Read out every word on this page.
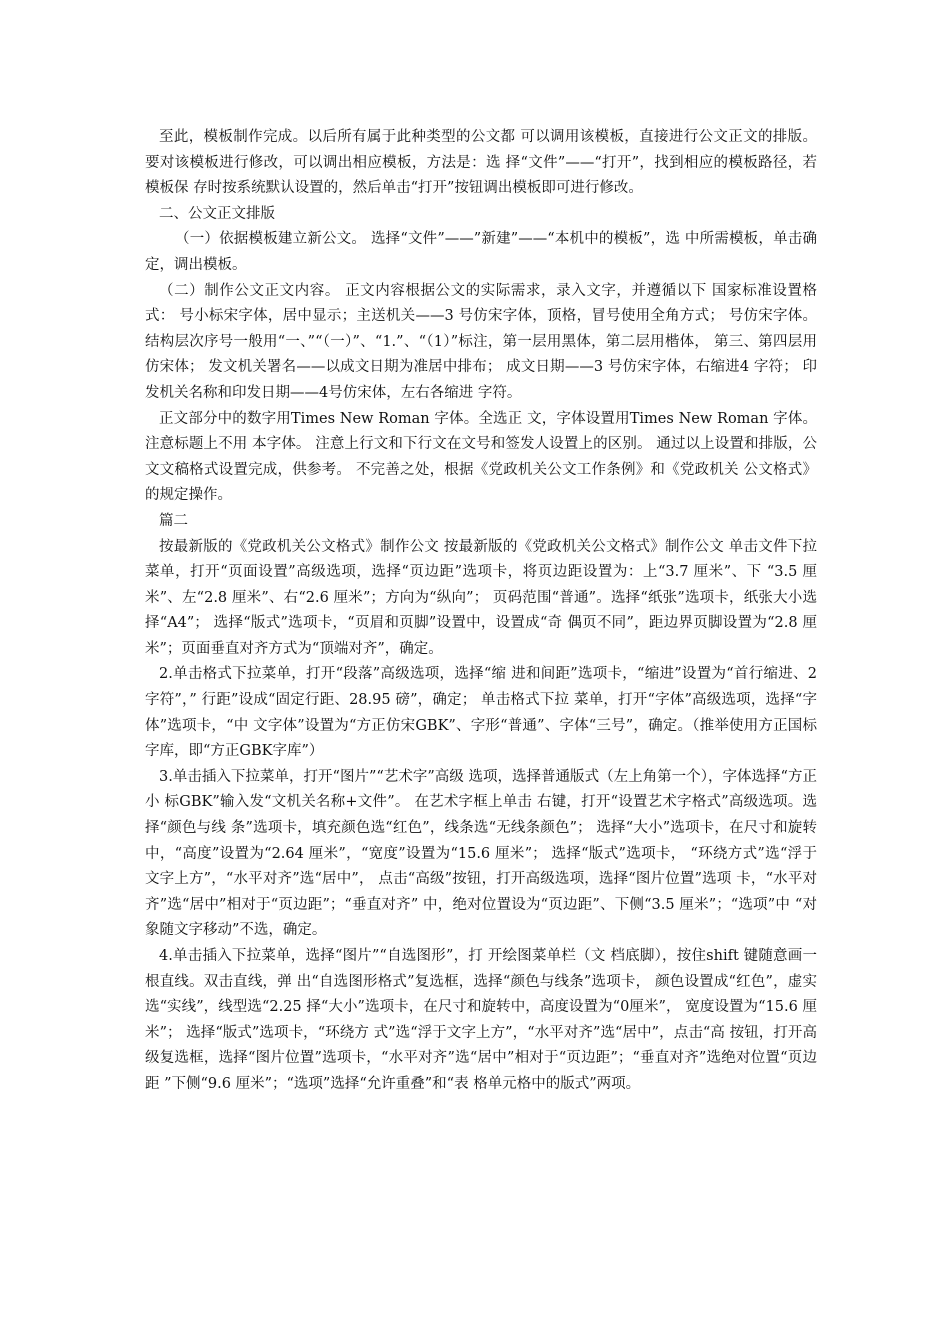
至此，模板制作完成。以后所有属于此种类型的公文都 可以调用该模板，直接进行公文正文的排版。 要对该模板进行修改，可以调出相应模板，方法是：选 择“文件”——“打开”，找到相应的模板路径，若模板保 存时按系统默认设置的，然后单击“打开”按钮调出模板即可进行修改。

二、公文正文排版

（一）依据模板建立新公文。 选择“文件”——”新建”——“本机中的模板”，选 中所需模板，单击确定，调出模板。

（二）制作公文正文内容。 正文内容根据公文的实际需求，录入文字，并遵循以下 国家标准设置格式： 号小标宋字体，居中显示；主送机关——3 号仿宋字体，顶格，冒号使用全角方式； 号仿宋字体。结构层次序号一般用“一、”“（一）”、“1.”、“（1）”标注，第一层用黑体，第二层用楷体， 第三、第四层用仿宋体； 发文机关署名——以成文日期为准居中排布； 成文日期——3 号仿宋字体，右缩进4 字符； 印发机关名称和印发日期——4号仿宋体，左右各缩进 字符。

正文部分中的数字用Times New Roman 字体。全选正 文，字体设置用Times New Roman 字体。注意标题上不用 本字体。 注意上行文和下行文在文号和签发人设置上的区别。 通过以上设置和排版，公文文稿格式设置完成，供参考。 不完善之处，根据《党政机关公文工作条例》和《党政机关 公文格式》的规定操作。

篇二

按最新版的《党政机关公文格式》制作公文 按最新版的《党政机关公文格式》制作公文 单击文件下拉菜单，打开“页面设置”高级选项，选择“页边距”选项卡，将页边距设置为：上“3.7 厘米”、下 “3.5 厘米”、左“2.8 厘米”、右“2.6 厘米”；方向为“纵向”； 页码范围“普通”。选择“纸张”选项卡，纸张大小选择“A4”； 选择“版式”选项卡，“页眉和页脚”设置中，设置成“奇 偶页不同”，距边界页脚设置为“2.8 厘米”；页面垂直对齐方式为“顶端对齐”，确定。

2.单击格式下拉菜单，打开“段落”高级选项，选择“缩 进和间距”选项卡，“缩进”设置为“首行缩进、2 字符”，” 行距”设成“固定行距、28.95 磅”，确定； 单击格式下拉 菜单，打开“字体”高级选项，选择“字体”选项卡，“中 文字体”设置为“方正仿宋GBK”、字形“普通”、字体“三号”，确定。（推举使用方正国标字库，即“方正GBK字库”）

3.单击插入下拉菜单，打开“图片”“艺术字”高级 选项，选择普通版式（左上角第一个），字体选择“方正小 标GBK”输入发“文机关名称+文件”。 在艺术字框上单击 右键，打开“设置艺术字格式”高级选项。选择“颜色与线 条”选项卡，填充颜色选“红色”，线条选“无线条颜色”； 选择“大小”选项卡，在尺寸和旋转中，“高度”设置为“2.64 厘米”，“宽度”设置为“15.6 厘米”； 选择“版式”选项卡， “环绕方式”选“浮于文字上方”，“水平对齐”选“居中”， 点击“高级”按钮，打开高级选项，选择“图片位置”选项 卡，“水平对齐”选“居中”相对于“页边距”；“垂直对齐” 中，绝对位置设为“页边距”、下侧“3.5 厘米”；“选项”中 “对象随文字移动”不选，确定。

4.单击插入下拉菜单，选择“图片”“自选图形”，打 开绘图菜单栏（文 档底脚），按住shift 键随意画一根直线。双击直线，弹 出“自选图形格式”复选框，选择“颜色与线条”选项卡， 颜色设置成“红色”，虚实选“实线”，线型选“2.25 择“大小”选项卡，在尺寸和旋转中，高度设置为“0厘米”， 宽度设置为“15.6 厘米”； 选择“版式”选项卡，“环绕方 式”选“浮于文字上方”，“水平对齐”选“居中”，点击“高 按钮，打开高级复选框，选择“图片位置”选项卡，“水平对齐”选“居中”相对于“页边距”；“垂直对齐”选绝对位置“页边距 ”下侧“9.6 厘米”；“选项”选择“允许重叠”和“表 格单元格中的版式”两项。
